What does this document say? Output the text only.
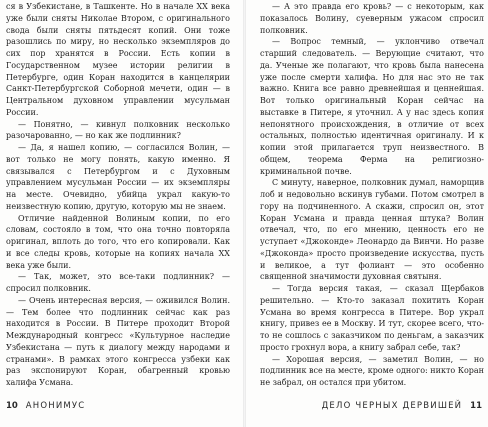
ся в Узбекистане, в Ташкенте. Но в начале XX века уже были сняты Николае Втором, с оригинального свода были сняты пятьдесят копий. Они тоже разошлись по миру, но несколько экземпляров до сих пор хранятся в России. Есть копии в Государственном музее истории религии в Петербурге, один Коран находится в канцелярии Санкт-Петербургской Соборной мечети, один — в Центральном духовном управлении мусульман России.

— Понятно, — кивнул полковник несколько разочарованно, — но как же подлинник?

— Да, я нашел копию, — согласился Волин, — вот только не могу понять, какую именно. Я связывался с Петербургом и с Духовным управлением мусульман России — их экземпляры на месте. Очевидно, убийца украл какую-то неизвестную копию, другую, которую мы не знаем.

Отличие найденной Волиным копии, по его словам, состояло в том, что она точно повторяла оригинал, вплоть до того, что его копировали. Как и все следы кровь, которые на копиях начала XX века уже были.

— Так, может, это все-таки подлинник? — спросил полковник.

— Очень интересная версия, — оживился Волин. — Тем более что подлинник сейчас как раз находится в России. В Питере проходит Второй Международный конгресс «Культурное наследие Узбекистана — путь к диалогу между народами и странами». В рамках этого конгресса узбеки как раз экспонируют Коран, обагренный кровью халифа Усмана.

10 АНОНИМУС

— А это правда его кровь? — с некоторым, как показалось Волину, суеверным ужасом спросил полковник.

— Вопрос темный, — уклончиво отвечал старший следователь. — Верующие считают, что да. Ученые же полагают, что кровь была нанесена уже после смерти халифа. Но для нас это не так важно. Книга все равно древнейшая и ценнейшая. Вот только оригинальный Коран сейчас на выставке в Питере, я уточнил. А у нас здесь копия непонятного происхождения, в отличие от всех остальных, полностью идентичная оригиналу. И к копии этой прилагается труп неизвестного. В общем, теорема Ферма на религиозно-криминальной почве.

С минуту, наверное, полковник думал, наморщив лоб и недовольно вскинув губами. Потом смотрел в гору на подчиненного. А скажи, спросил он, этот Коран Усмана и правда ценная штука? Волин отвечал, что, по его мнению, ценность его не уступает «Джоконде» Леонардо да Винчи. Но разве «Джоконда» просто произведение искусства, пусть и великое, а тут фолиант — это особенно священной значимости духовная святыня.

— Тогда версия такая, — сказал Щербаков решительно. — Кто-то заказал похитить Коран Усмана во время конгресса в Питере. Вор украл книгу, привез ее в Москву. И тут, скорее всего, что-то не сошлось с заказчиком по деньгам, а заказчик просто грохнул вора, а книгу забрал себе, так?

— Хорошая версия, — заметил Волин, — но подлинник все на месте, кроме одного: никто Коран не забрал, он остался при убитом.

ДЕЛО ЧЕРНЫХ ДЕРВИШЕЙ 11
